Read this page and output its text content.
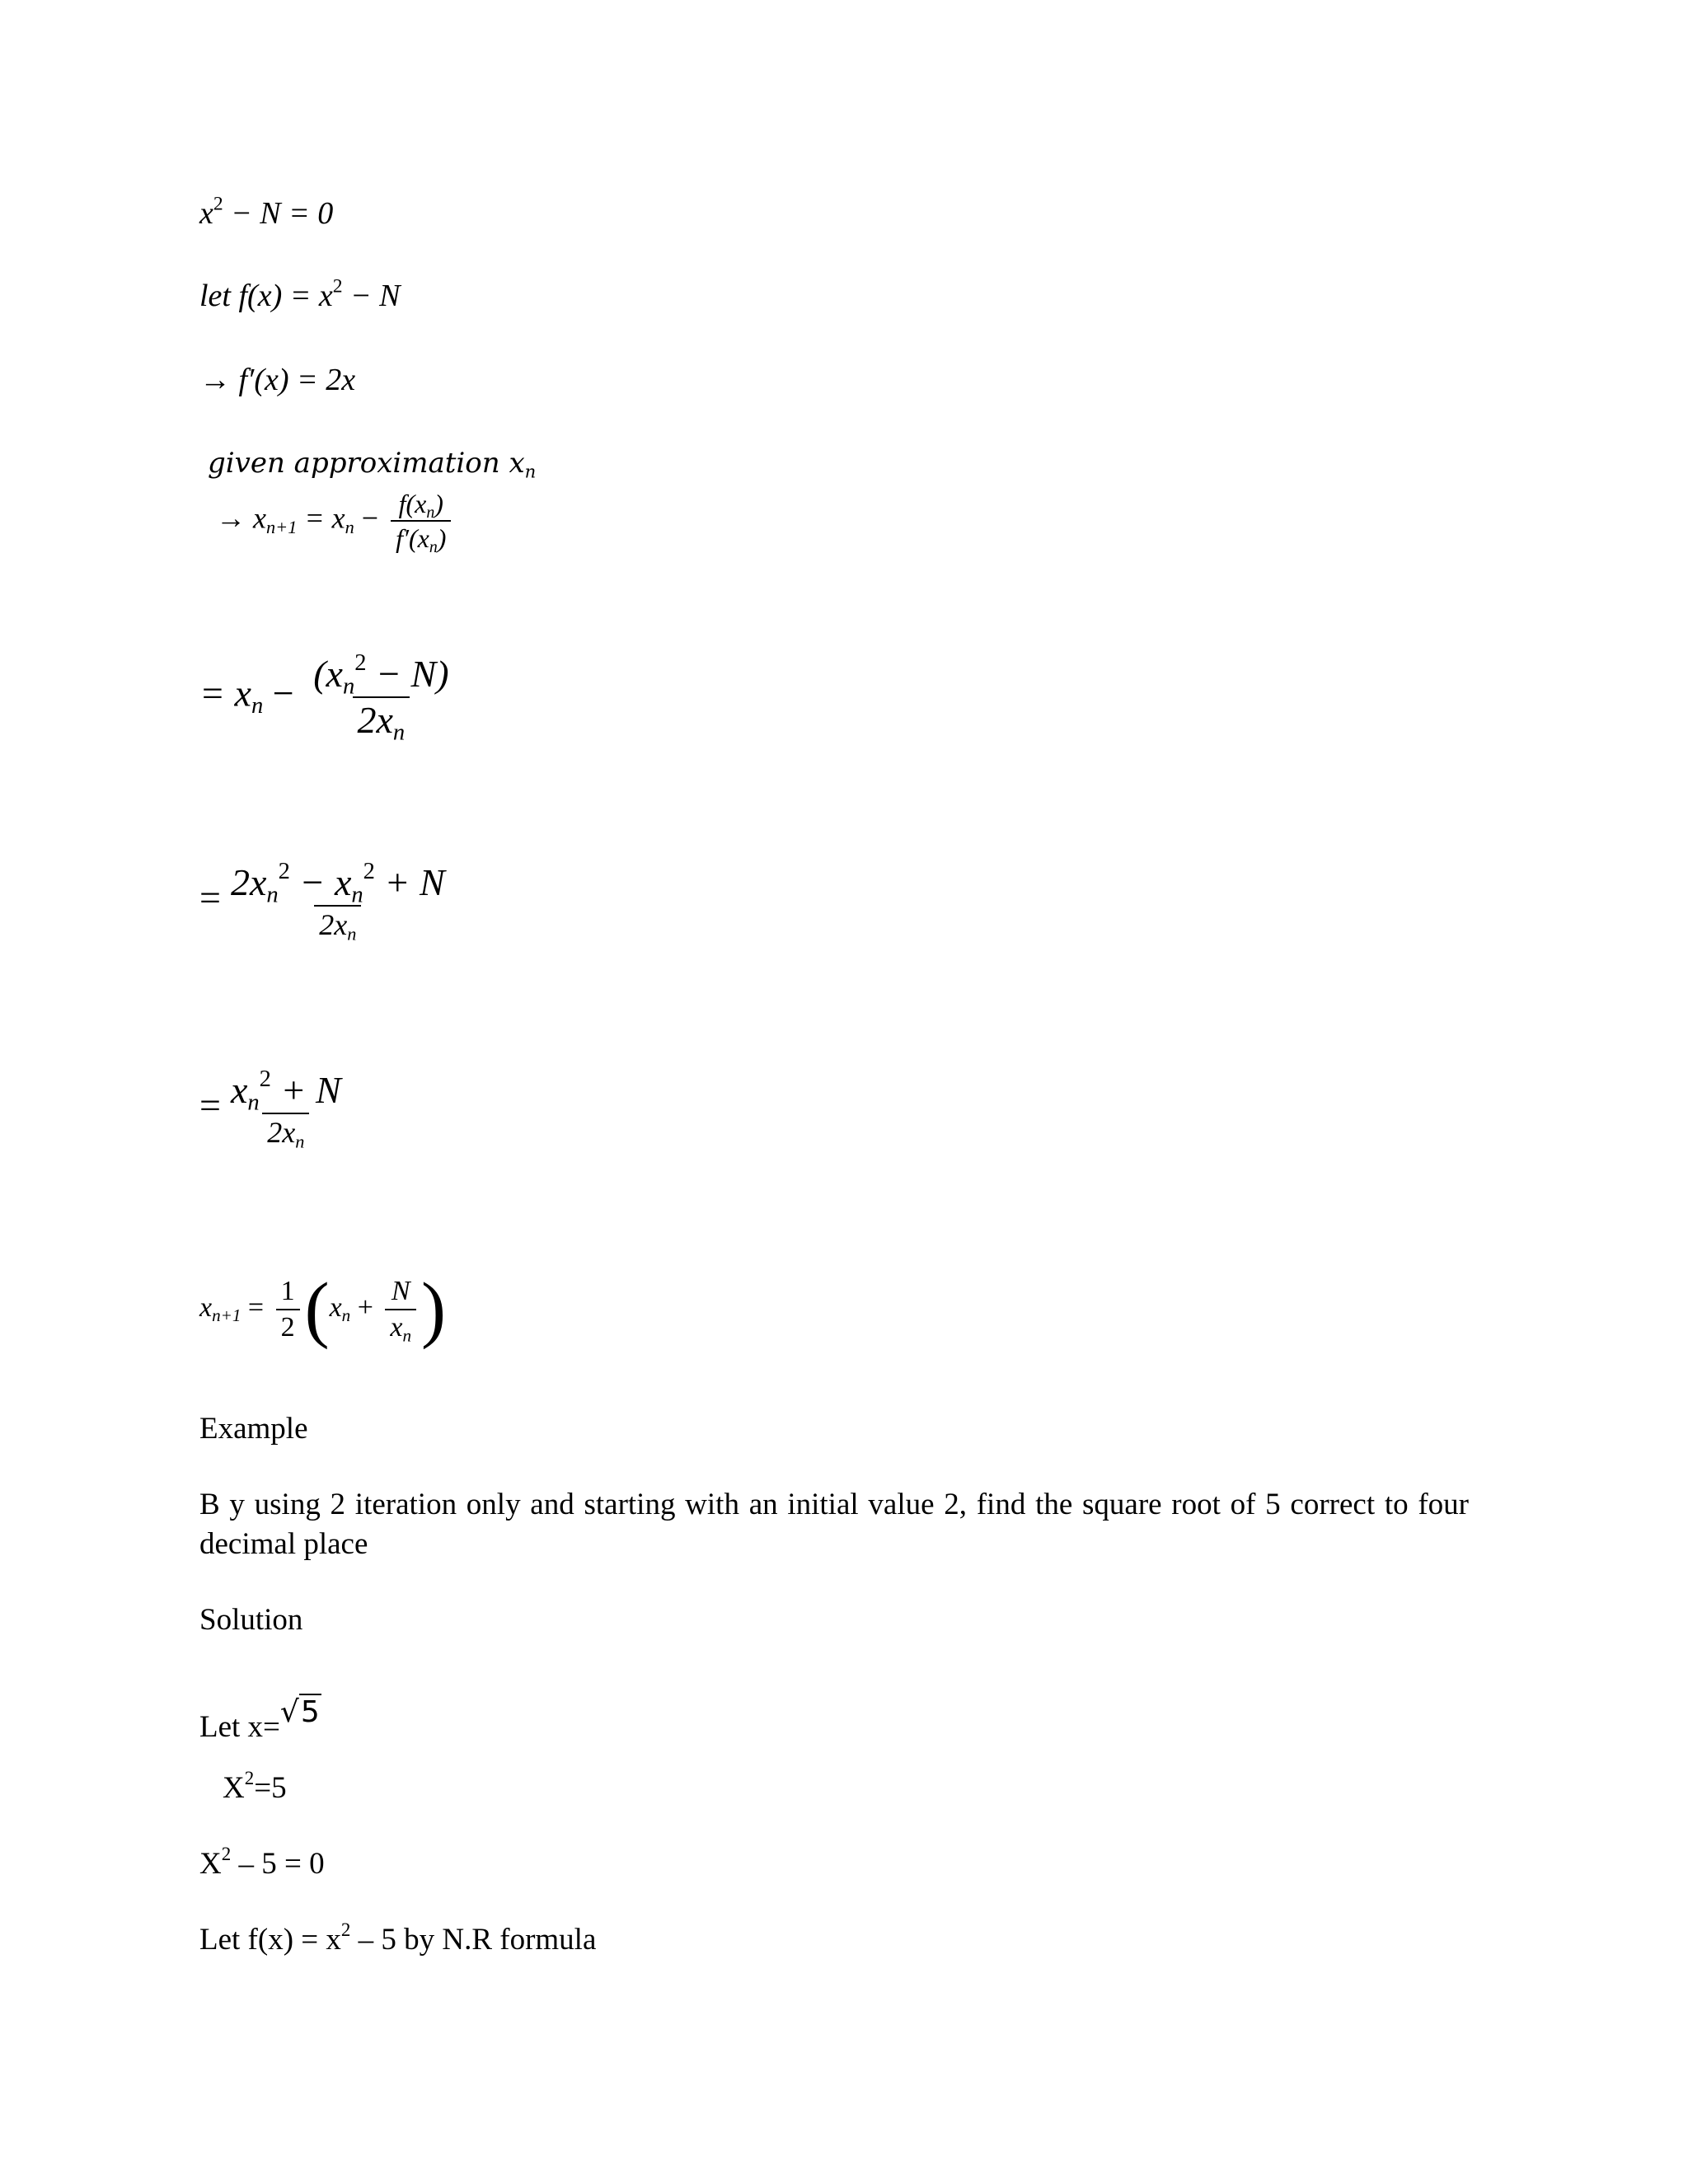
$x^2 - N = 0$
let $f(x) = x^2 - N$
→ f′(x) = 2x
given approximation $x_n$
→ $x_{n+1} = x_n - \frac{f(x_n)}{f'(x_n)}$
= $x_n - \frac{(x_n^2 - N)}{2x_n}$
= $\frac{2x_n^2 - x_n^2 + N}{2x_n}$
= $\frac{x_n^2 + N}{2x_n}$
$x_{n+1} = \frac{1}{2} (x_n + \frac{N}{x_n}$ )
Example
B y using 2 iteration only and starting with an initial value 2, find the square root of 5 correct to four decimal place
Solution
Let x=√5
$X^2=5$
$X^2 - 5 = 0$
Let $f(x) = x^2 - 5$ by N.R formula
